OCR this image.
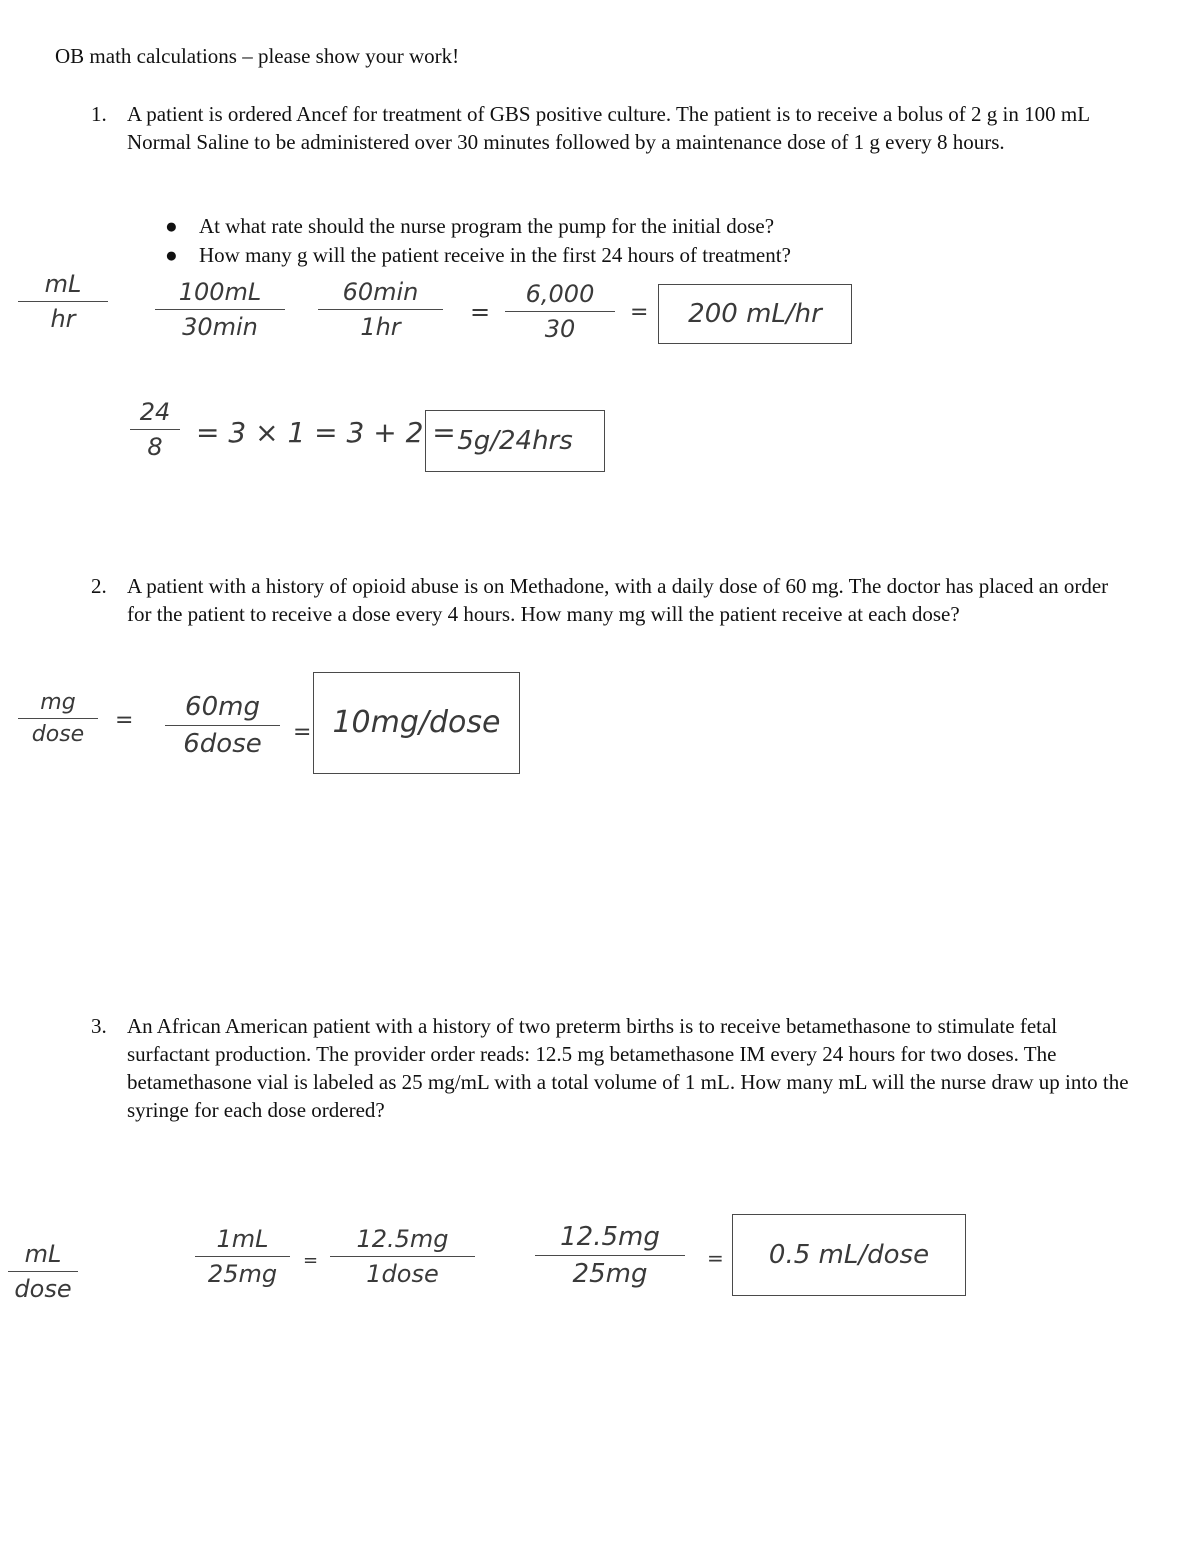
OB math calculations – please show your work!
1. A patient is ordered Ancef for treatment of GBS positive culture. The patient is to receive a bolus of 2 g in 100 mL Normal Saline to be administered over 30 minutes followed by a maintenance dose of 1 g every 8 hours.
● At what rate should the nurse program the pump for the initial dose?
● How many g will the patient receive in the first 24 hours of treatment?
mL
hr
100mL
30min
60min
1hr
=
6,000
30
=	200 mL/hr
24
8	= 3 × 1 = 3 + 2 = 5g/24hrs
2. A patient with a history of opioid abuse is on Methadone, with a daily dose of 60 mg. The doctor has placed an order for the patient to receive a dose every 4 hours. How many mg will the patient receive at each dose?
mg
dose
=	60mg
6dose	= 10mg/dose
3. An African American patient with a history of two preterm births is to receive betamethasone to stimulate fetal surfactant production. The provider order reads: 12.5 mg betamethasone IM every 24 hours for two doses. The betamethasone vial is labeled as 25 mg/mL with a total volume of 1 mL. How many mL will the nurse draw up into the syringe for each dose ordered?
mL
dose
1mL
25mg	=
12.5mg
1dose
12.5mg
25mg
=	0.5 mL/dose
